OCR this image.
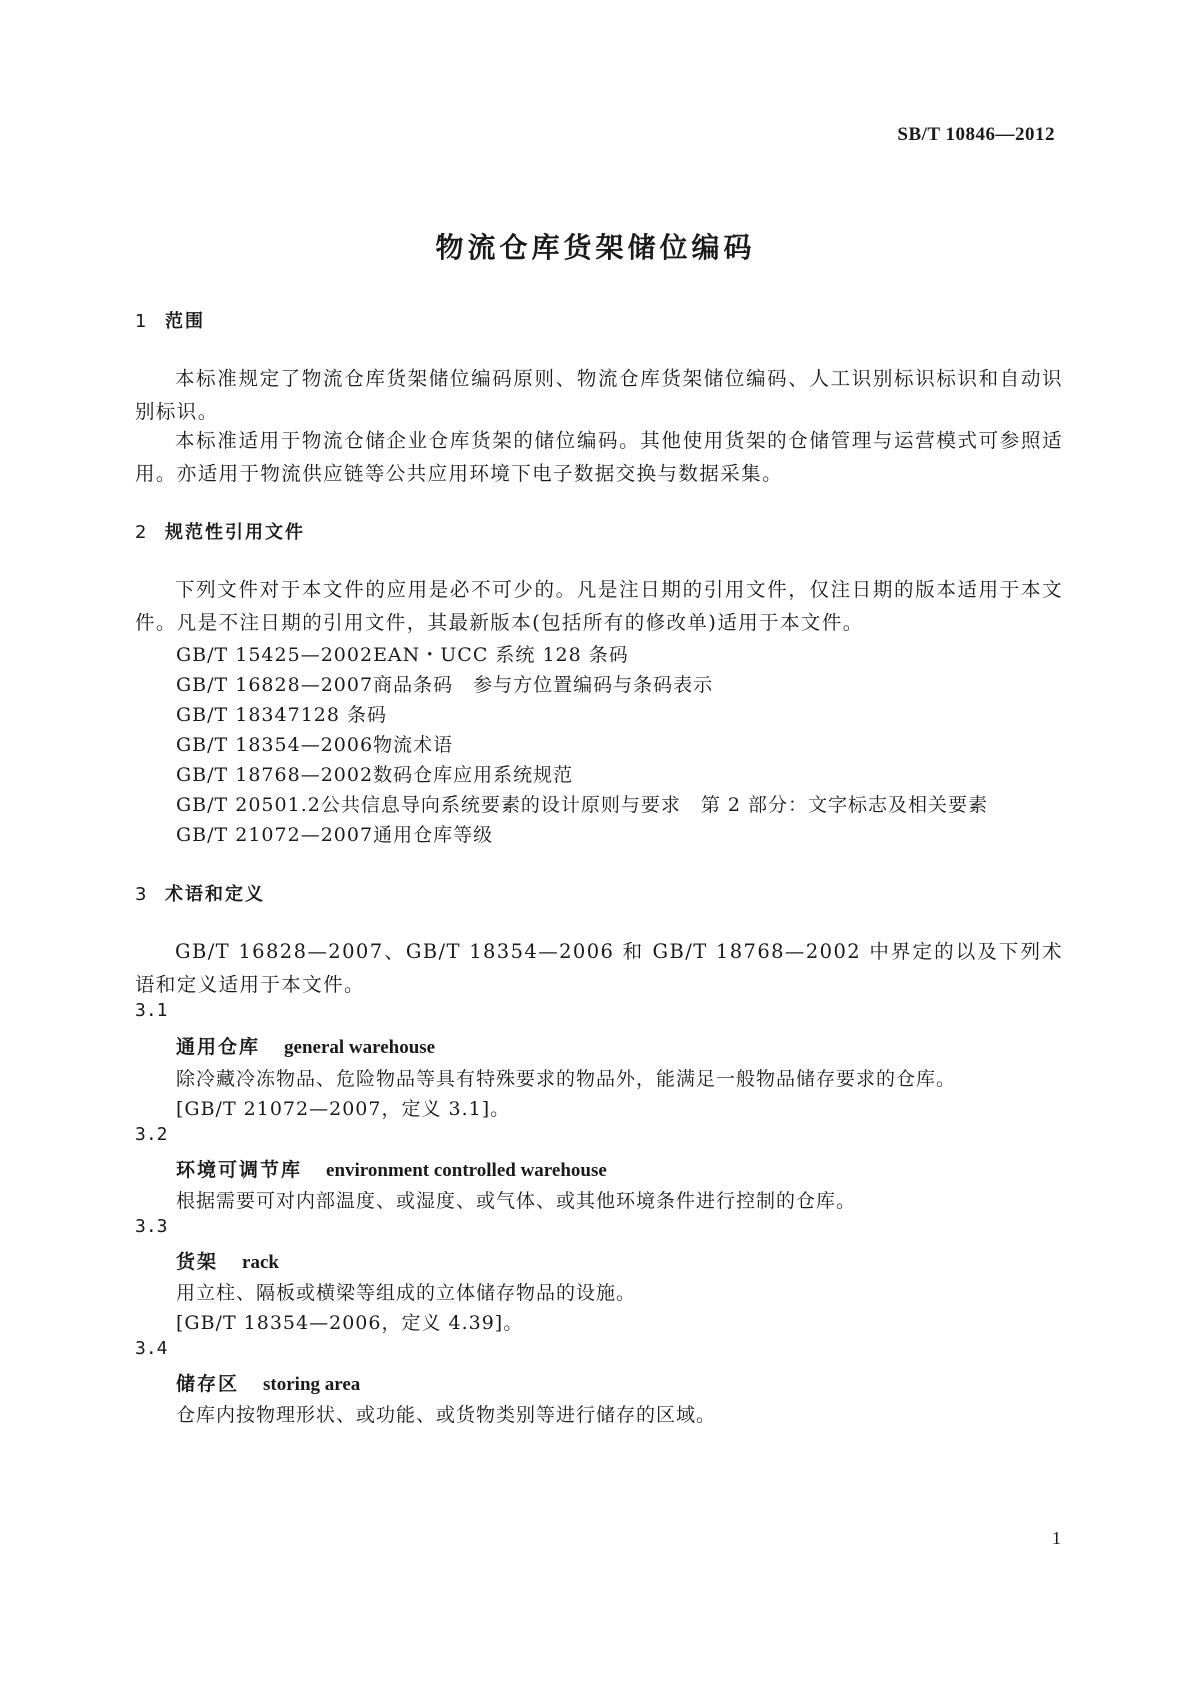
SB/T 10846—2012
物流仓库货架储位编码
1 范围
本标准规定了物流仓库货架储位编码原则、物流仓库货架储位编码、人工识别标识标识和自动识别标识。
本标准适用于物流仓储企业仓库货架的储位编码。其他使用货架的仓储管理与运营模式可参照适用。亦适用于物流供应链等公共应用环境下电子数据交换与数据采集。
2 规范性引用文件
下列文件对于本文件的应用是必不可少的。凡是注日期的引用文件，仅注日期的版本适用于本文件。凡是不注日期的引用文件，其最新版本(包括所有的修改单)适用于本文件。
GB/T 15425—2002EAN・UCC 系统 128 条码
GB/T 16828—2007商品条码　参与方位置编码与条码表示
GB/T 18347128 条码
GB/T 18354—2006物流术语
GB/T 18768—2002数码仓库应用系统规范
GB/T 20501.2公共信息导向系统要素的设计原则与要求　第 2 部分：文字标志及相关要素
GB/T 21072—2007通用仓库等级
3 术语和定义
GB/T 16828—2007、GB/T 18354—2006 和 GB/T 18768—2002 中界定的以及下列术语和定义适用于本文件。
3.1
通用仓库 general warehouse
除冷藏冷冻物品、危险物品等具有特殊要求的物品外，能满足一般物品储存要求的仓库。
[GB/T 21072—2007，定义 3.1]。
3.2
环境可调节库 environment controlled warehouse
根据需要可对内部温度、或湿度、或气体、或其他环境条件进行控制的仓库。
3.3
货架 rack
用立柱、隔板或横梁等组成的立体储存物品的设施。
[GB/T 18354—2006，定义 4.39]。
3.4
储存区 storing area
仓库内按物理形状、或功能、或货物类别等进行储存的区域。
1
